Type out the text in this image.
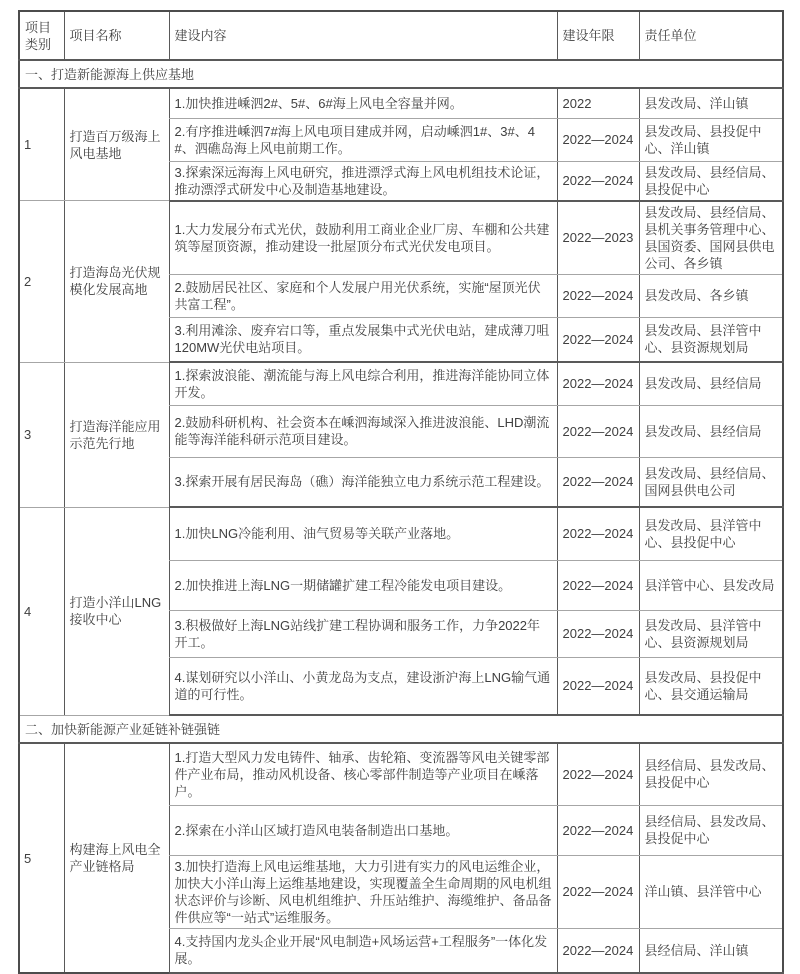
项目类别	项目名称	建设内容	建设年限	责任单位
一、打造新能源海上供应基地				
1	打造百万级海上风电基地	1.加快推进嵊泗2#、5#、6#海上风电全容量并网。	2022	县发改局、洋山镇
		2.有序推进嵊泗7#海上风电项目建成并网，启动嵊泗1#、3#、4#、泗礁岛海上风电前期工作。	2022—2024	县发改局、县投促中心、洋山镇
		3.探索深远海海上风电研究，推进漂浮式海上风电机组技术论证，推动漂浮式研发中心及制造基地建设。	2022—2024	县发改局、县经信局、县投促中心
2	打造海岛光伏规模化发展高地	1.大力发展分布式光伏，鼓励利用工商业企业厂房、车棚和公共建筑等屋顶资源，推动建设一批屋顶分布式光伏发电项目。	2022—2023	县发改局、县经信局、县机关事务管理中心、县国资委、国网县供电公司、各乡镇
		2.鼓励居民社区、家庭和个人发展户用光伏系统，实施“屋顶光伏共富工程”。	2022—2024	县发改局、各乡镇
		3.利用滩涂、废弃宕口等，重点发展集中式光伏电站，建成薄刀咀120MW光伏电站项目。	2022—2024	县发改局、县洋管中心、县资源规划局
3	打造海洋能应用示范先行地	1.探索波浪能、潮流能与海上风电综合利用，推进海洋能协同立体开发。	2022—2024	县发改局、县经信局
		2.鼓励科研机构、社会资本在嵊泗海域深入推进波浪能、LHD潮流能等海洋能科研示范项目建设。	2022—2024	县发改局、县经信局
		3.探索开展有居民海岛（礁）海洋能独立电力系统示范工程建设。	2022—2024	县发改局、县经信局、国网县供电公司
4	打造小洋山LNG接收中心	1.加快LNG冷能利用、油气贸易等关联产业落地。	2022—2024	县发改局、县洋管中心、县投促中心
		2.加快推进上海LNG一期储罐扩建工程冷能发电项目建设。	2022—2024	县洋管中心、县发改局
		3.积极做好上海LNG站线扩建工程协调和服务工作，力争2022年开工。	2022—2024	县发改局、县洋管中心、县资源规划局
		4.谋划研究以小洋山、小黄龙岛为支点，建设浙沪海上LNG输气通道的可行性。	2022—2024	县发改局、县投促中心、县交通运输局
二、加快新能源产业延链补链强链				
5	构建海上风电全产业链格局	1.打造大型风力发电铸件、轴承、齿轮箱、变流器等风电关键零部件产业布局，推动风机设备、核心零部件制造等产业项目在嵊落户。	2022—2024	县经信局、县发改局、县投促中心
		2.探索在小洋山区域打造风电装备制造出口基地。	2022—2024	县经信局、县发改局、县投促中心
		3.加快打造海上风电运维基地，大力引进有实力的风电运维企业，加快大小洋山海上运维基地建设，实现覆盖全生命周期的风电机组状态评价与诊断、风电机组维护、升压站维护、海缆维护、备品备件供应等“一站式”运维服务。	2022—2024	洋山镇、县洋管中心
		4.支持国内龙头企业开展“风电制造+风场运营+工程服务”一体化发展。	2022—2024	县经信局、洋山镇
